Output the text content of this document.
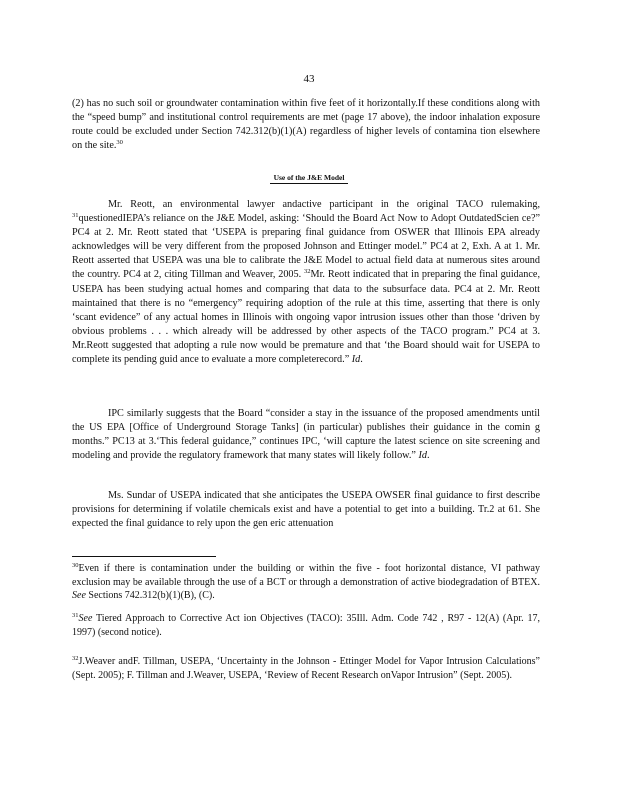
43

(2) has no such soil or groundwater contamination within five feet of it horizontally.If these conditions along with the “speed bump” and institutional control requirements are met (page 17 above), the indoor inhalation exposure route could be excluded under Section 742.312(b)(1)(A) regardless of higher levels of contamina tion elsewhere on the site.$^{30}$

Use of the J&E Model

Mr. Reott, an environmental lawyer andactive participant in the original TACO rulemaking, $^{31}$questionedIEPA’s reliance on the J&E Model, asking: ‘Should the Board Act Now to Adopt OutdatedScien ce?” PC4 at 2. Mr. Reott stated that ‘USEPA is preparing final guidance from OSWER that Illinois EPA already acknowledges will be very different from the proposed Johnson and Ettinger model.” PC4 at 2, Exh. A at 1. Mr. Reott asserted that USEPA was una ble to calibrate the J&E Model to actual field data at numerous sites around the country. PC4 at 2, citing Tillman and Weaver, 2005. $^{32}$Mr. Reott indicated that in preparing the final guidance, USEPA has been studying actual homes and comparing that data to the subsurface data. PC4 at 2. Mr. Reott maintained that there is no “emergency” requiring adoption of the rule at this time, asserting that there is only ‘scant evidence” of any actual homes in Illinois with ongoing vapor intrusion issues other than those ‘driven by obvious problems . . . which already will be addressed by other aspects of the TACO program.” PC4 at 3. Mr.Reott suggested that adopting a rule now would be premature and that ‘the Board should wait for USEPA to complete its pending guid ance to evaluate a more completerecord.” Id.

IPC similarly suggests that the Board “consider a stay in the issuance of the proposed amendments until the US EPA [Office of Underground Storage Tanks] (in particular) publishes their guidance in the comin g months.” PC13 at 3.‘This federal guidance,” continues IPC, ‘will capture the latest science on site screening and modeling and provide the regulatory framework that many states will likely follow.” Id.

Ms. Sundar of USEPA indicated that she anticipates the USEPA OWSER final guidance to first describe provisions for determining if volatile chemicals exist and have a potential to get into a building. Tr.2 at 61. She expected the final guidance to rely upon the gen eric attenuation

$^{30}$Even if there is contamination under the building or within the five - foot horizontal distance, VI pathway exclusion may be available through the use of a BCT or through a demonstration of active biodegradation of BTEX. See Sections 742.312(b)(1)(B), (C).

$^{31}$See Tiered Approach to Corrective Act ion Objectives (TACO): 35Ill. Adm. Code 742 , R97 - 12(A) (Apr. 17, 1997) (second notice).

$^{32}$J.Weaver andF. Tillman, USEPA, ‘Uncertainty in the Johnson - Ettinger Model for Vapor Intrusion Calculations” (Sept. 2005); F. Tillman and J.Weaver, USEPA, ‘Review of Recent Research onVapor Intrusion” (Sept. 2005).
